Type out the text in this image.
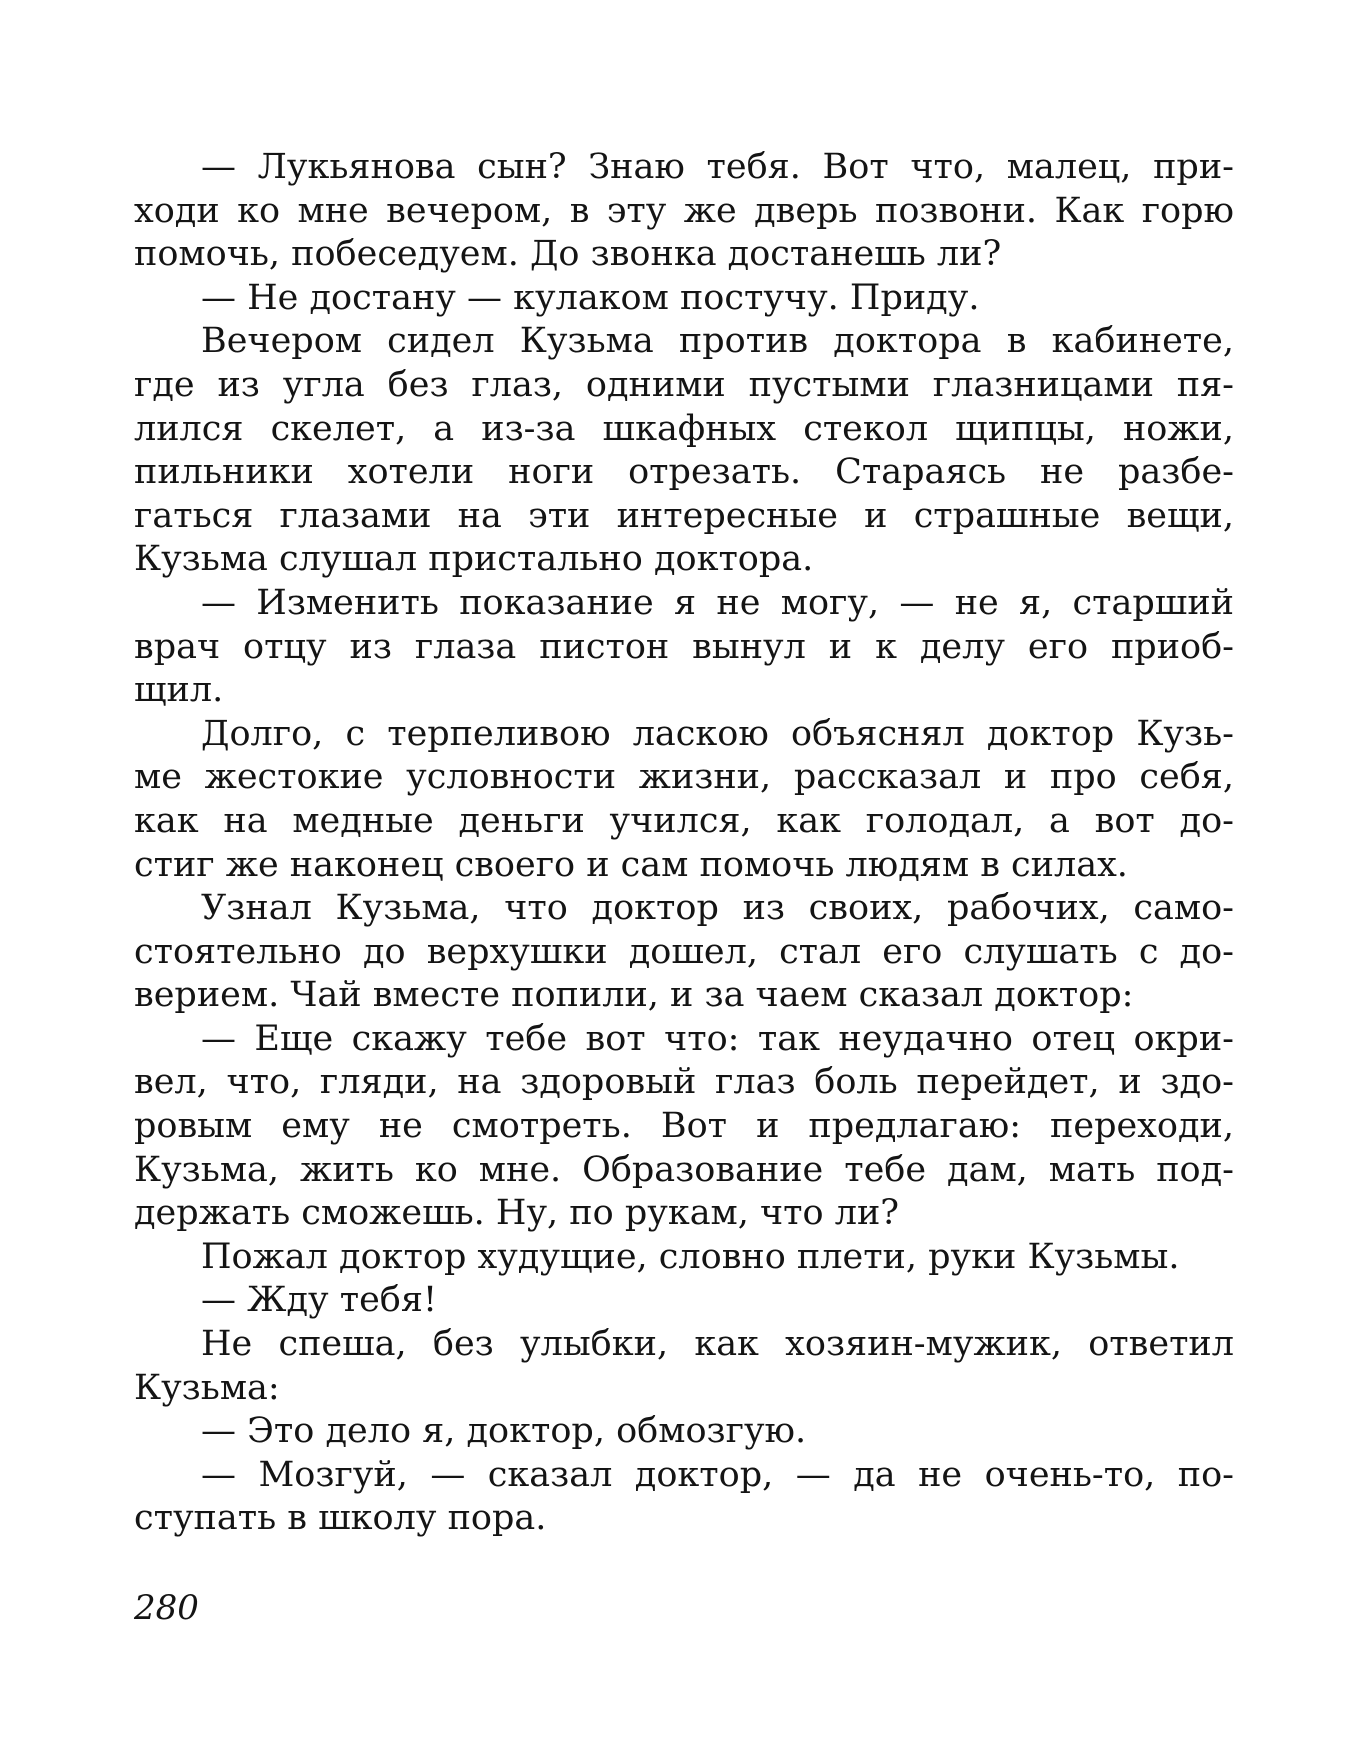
— Лукьянова сын? Знаю тебя. Вот что, малец, при-
ходи ко мне вечером, в эту же дверь позвони. Как горю
помочь, побеседуем. До звонка достанешь ли?
— Не достану — кулаком постучу. Приду.
Вечером сидел Кузьма против доктора в кабинете,
где из угла без глаз, одними пустыми глазницами пя-
лился скелет, а из-за шкафных стекол щипцы, ножи,
пильники хотели ноги отрезать. Стараясь не разбе-
гаться глазами на эти интересные и страшные вещи,
Кузьма слушал пристально доктора.
— Изменить показание я не могу, — не я, старший
врач отцу из глаза пистон вынул и к делу его приоб-
щил.
Долго, с терпеливою ласкою объяснял доктор Кузь-
ме жестокие условности жизни, рассказал и про себя,
как на медные деньги учился, как голодал, а вот до-
стиг же наконец своего и сам помочь людям в силах.
Узнал Кузьма, что доктор из своих, рабочих, само-
стоятельно до верхушки дошел, стал его слушать с до-
верием. Чай вместе попили, и за чаем сказал доктор:
— Еще скажу тебе вот что: так неудачно отец окри-
вел, что, гляди, на здоровый глаз боль перейдет, и здо-
ровым ему не смотреть. Вот и предлагаю: переходи,
Кузьма, жить ко мне. Образование тебе дам, мать под-
держать сможешь. Ну, по рукам, что ли?
Пожал доктор худущие, словно плети, руки Кузьмы.
— Жду тебя!
Не спеша, без улыбки, как хозяин-мужик, ответил
Кузьма:
— Это дело я, доктор, обмозгую.
— Мозгуй, — сказал доктор, — да не очень-то, по-
ступать в школу пора.
280
